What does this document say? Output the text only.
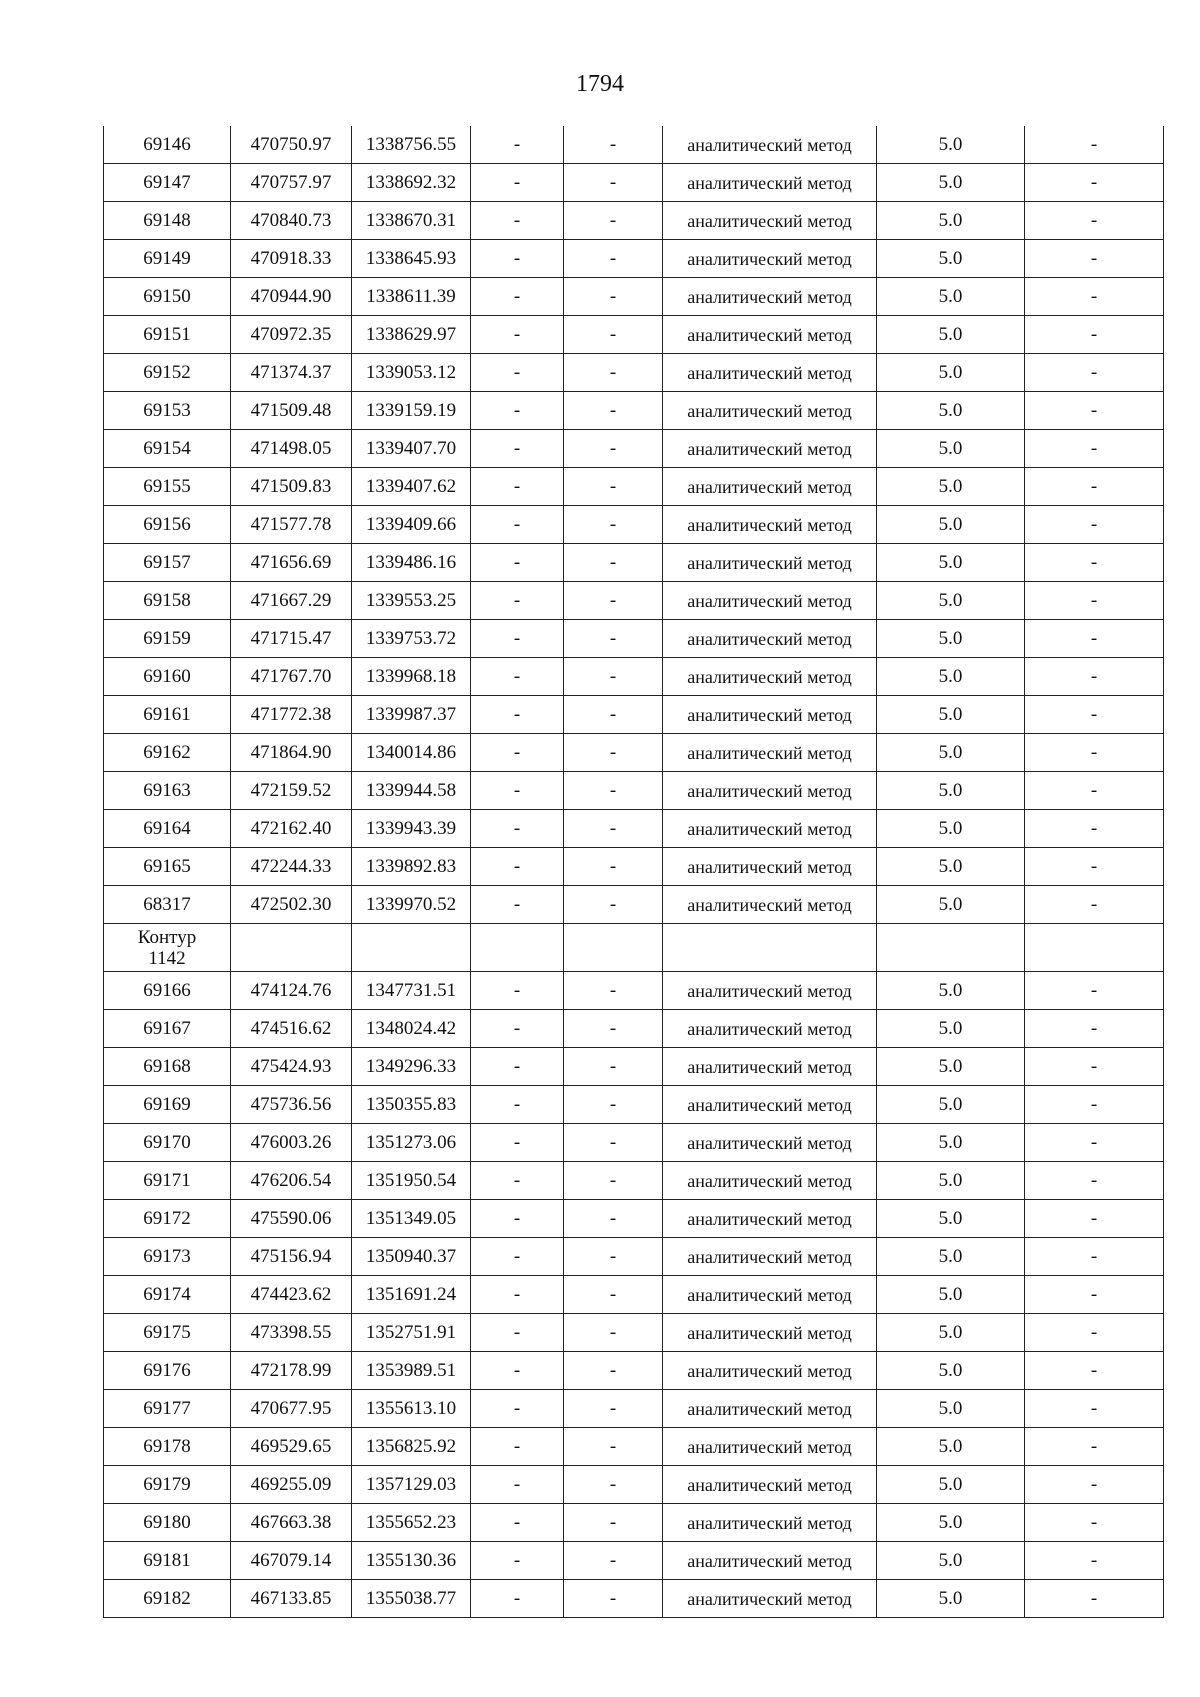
1794
69146	470750.97	1338756.55	-	-	аналитический метод	5.0	-
69147	470757.97	1338692.32	-	-	аналитический метод	5.0	-
69148	470840.73	1338670.31	-	-	аналитический метод	5.0	-
69149	470918.33	1338645.93	-	-	аналитический метод	5.0	-
69150	470944.90	1338611.39	-	-	аналитический метод	5.0	-
69151	470972.35	1338629.97	-	-	аналитический метод	5.0	-
69152	471374.37	1339053.12	-	-	аналитический метод	5.0	-
69153	471509.48	1339159.19	-	-	аналитический метод	5.0	-
69154	471498.05	1339407.70	-	-	аналитический метод	5.0	-
69155	471509.83	1339407.62	-	-	аналитический метод	5.0	-
69156	471577.78	1339409.66	-	-	аналитический метод	5.0	-
69157	471656.69	1339486.16	-	-	аналитический метод	5.0	-
69158	471667.29	1339553.25	-	-	аналитический метод	5.0	-
69159	471715.47	1339753.72	-	-	аналитический метод	5.0	-
69160	471767.70	1339968.18	-	-	аналитический метод	5.0	-
69161	471772.38	1339987.37	-	-	аналитический метод	5.0	-
69162	471864.90	1340014.86	-	-	аналитический метод	5.0	-
69163	472159.52	1339944.58	-	-	аналитический метод	5.0	-
69164	472162.40	1339943.39	-	-	аналитический метод	5.0	-
69165	472244.33	1339892.83	-	-	аналитический метод	5.0	-
68317	472502.30	1339970.52	-	-	аналитический метод	5.0	-

Контур
1142							

69166	474124.76	1347731.51	-	-	аналитический метод	5.0	-
69167	474516.62	1348024.42	-	-	аналитический метод	5.0	-
69168	475424.93	1349296.33	-	-	аналитический метод	5.0	-
69169	475736.56	1350355.83	-	-	аналитический метод	5.0	-
69170	476003.26	1351273.06	-	-	аналитический метод	5.0	-
69171	476206.54	1351950.54	-	-	аналитический метод	5.0	-
69172	475590.06	1351349.05	-	-	аналитический метод	5.0	-
69173	475156.94	1350940.37	-	-	аналитический метод	5.0	-
69174	474423.62	1351691.24	-	-	аналитический метод	5.0	-
69175	473398.55	1352751.91	-	-	аналитический метод	5.0	-
69176	472178.99	1353989.51	-	-	аналитический метод	5.0	-
69177	470677.95	1355613.10	-	-	аналитический метод	5.0	-
69178	469529.65	1356825.92	-	-	аналитический метод	5.0	-
69179	469255.09	1357129.03	-	-	аналитический метод	5.0	-
69180	467663.38	1355652.23	-	-	аналитический метод	5.0	-
69181	467079.14	1355130.36	-	-	аналитический метод	5.0	-
69182	467133.85	1355038.77	-	-	аналитический метод	5.0	-
